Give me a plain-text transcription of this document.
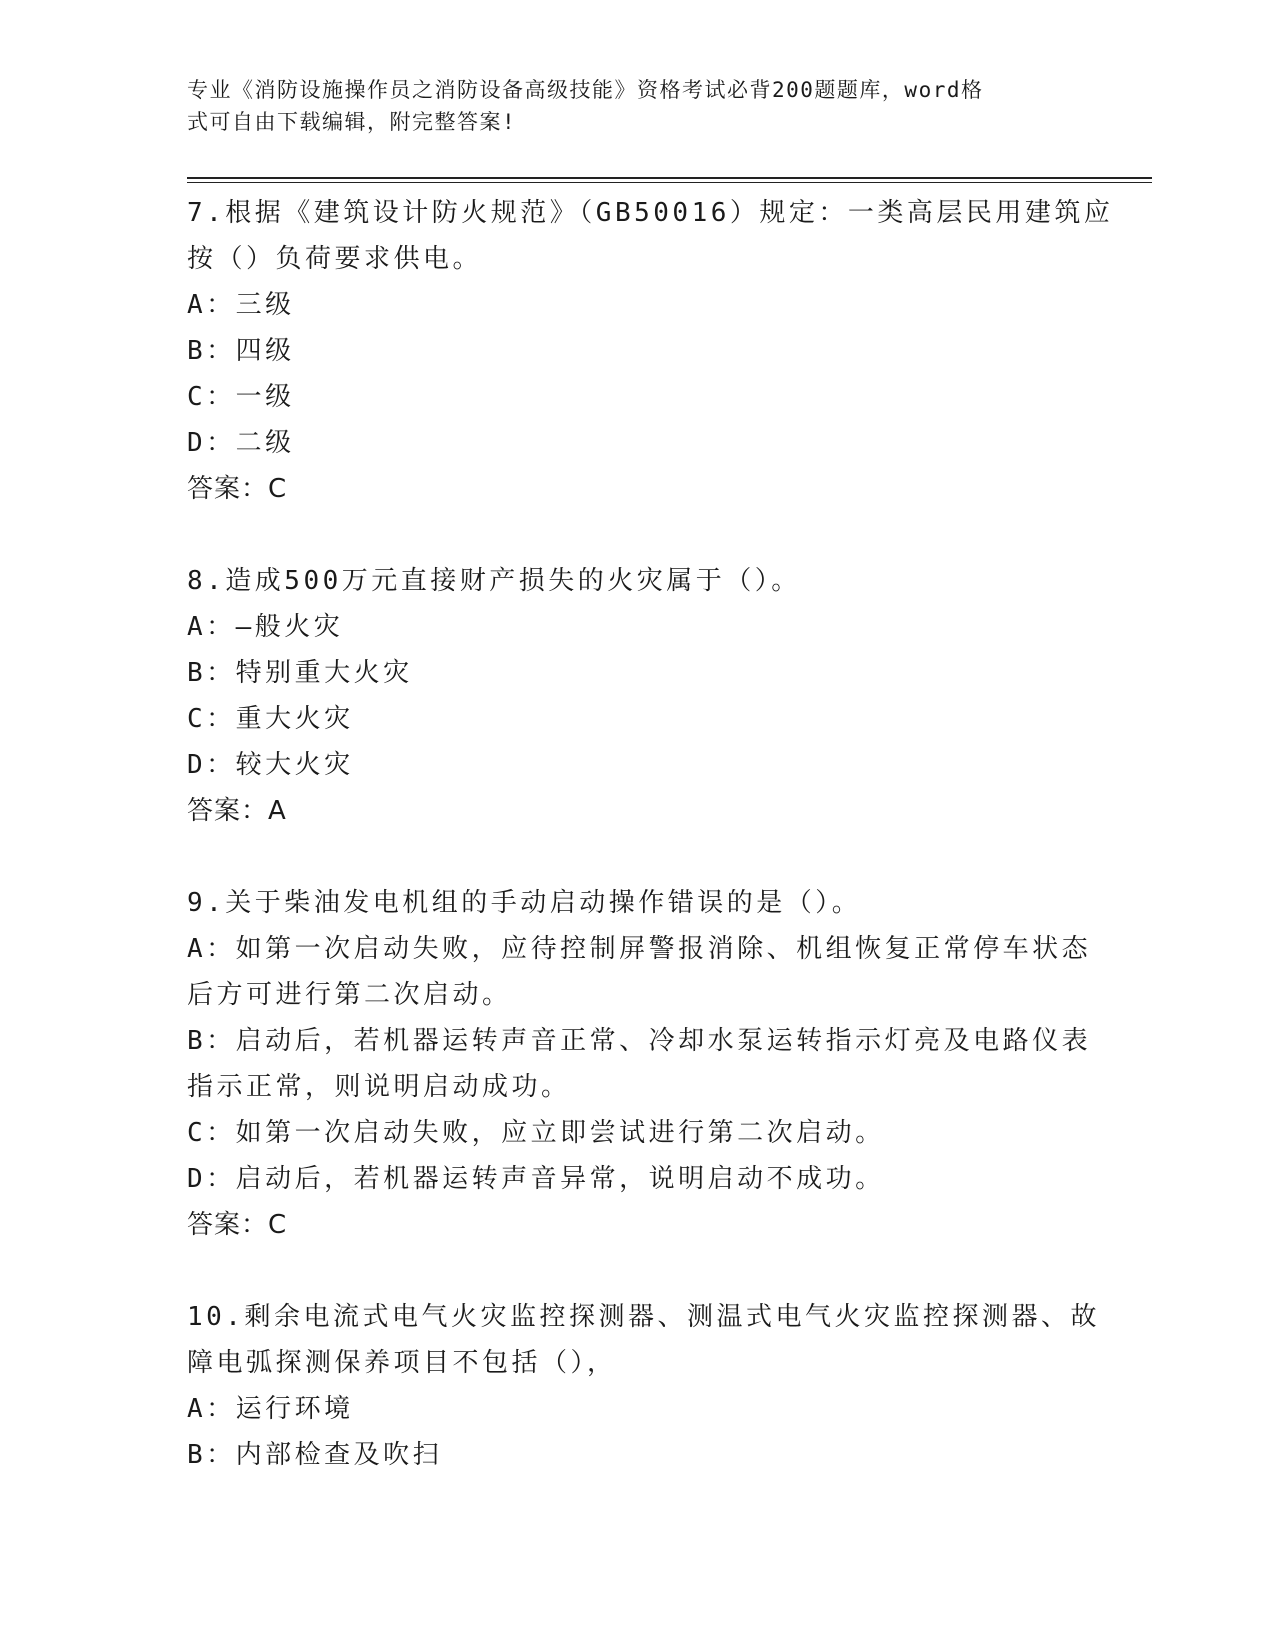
专业《消防设施操作员之消防设备高级技能》资格考试必背200题题库，word格
式可自由下载编辑，附完整答案!
7.根据《建筑设计防火规范》（GB50016）规定：一类高层民用建筑应
按（）负荷要求供电。
A：三级
B：四级
C：一级
D：二级
答案：C
8.造成500万元直接财产损失的火灾属于（）。
A：—般火灾
B：特别重大火灾
C：重大火灾
D：较大火灾
答案：A
9.关于柴油发电机组的手动启动操作错误的是（）。
A：如第一次启动失败，应待控制屏警报消除、机组恢复正常停车状态
后方可进行第二次启动。
B：启动后，若机器运转声音正常、冷却水泵运转指示灯亮及电路仪表
指示正常，则说明启动成功。
C：如第一次启动失败，应立即尝试进行第二次启动。
D：启动后，若机器运转声音异常，说明启动不成功。
答案：C
10.剩余电流式电气火灾监控探测器、测温式电气火灾监控探测器、故
障电弧探测保养项目不包括（），
A：运行环境
B：内部检查及吹扫
